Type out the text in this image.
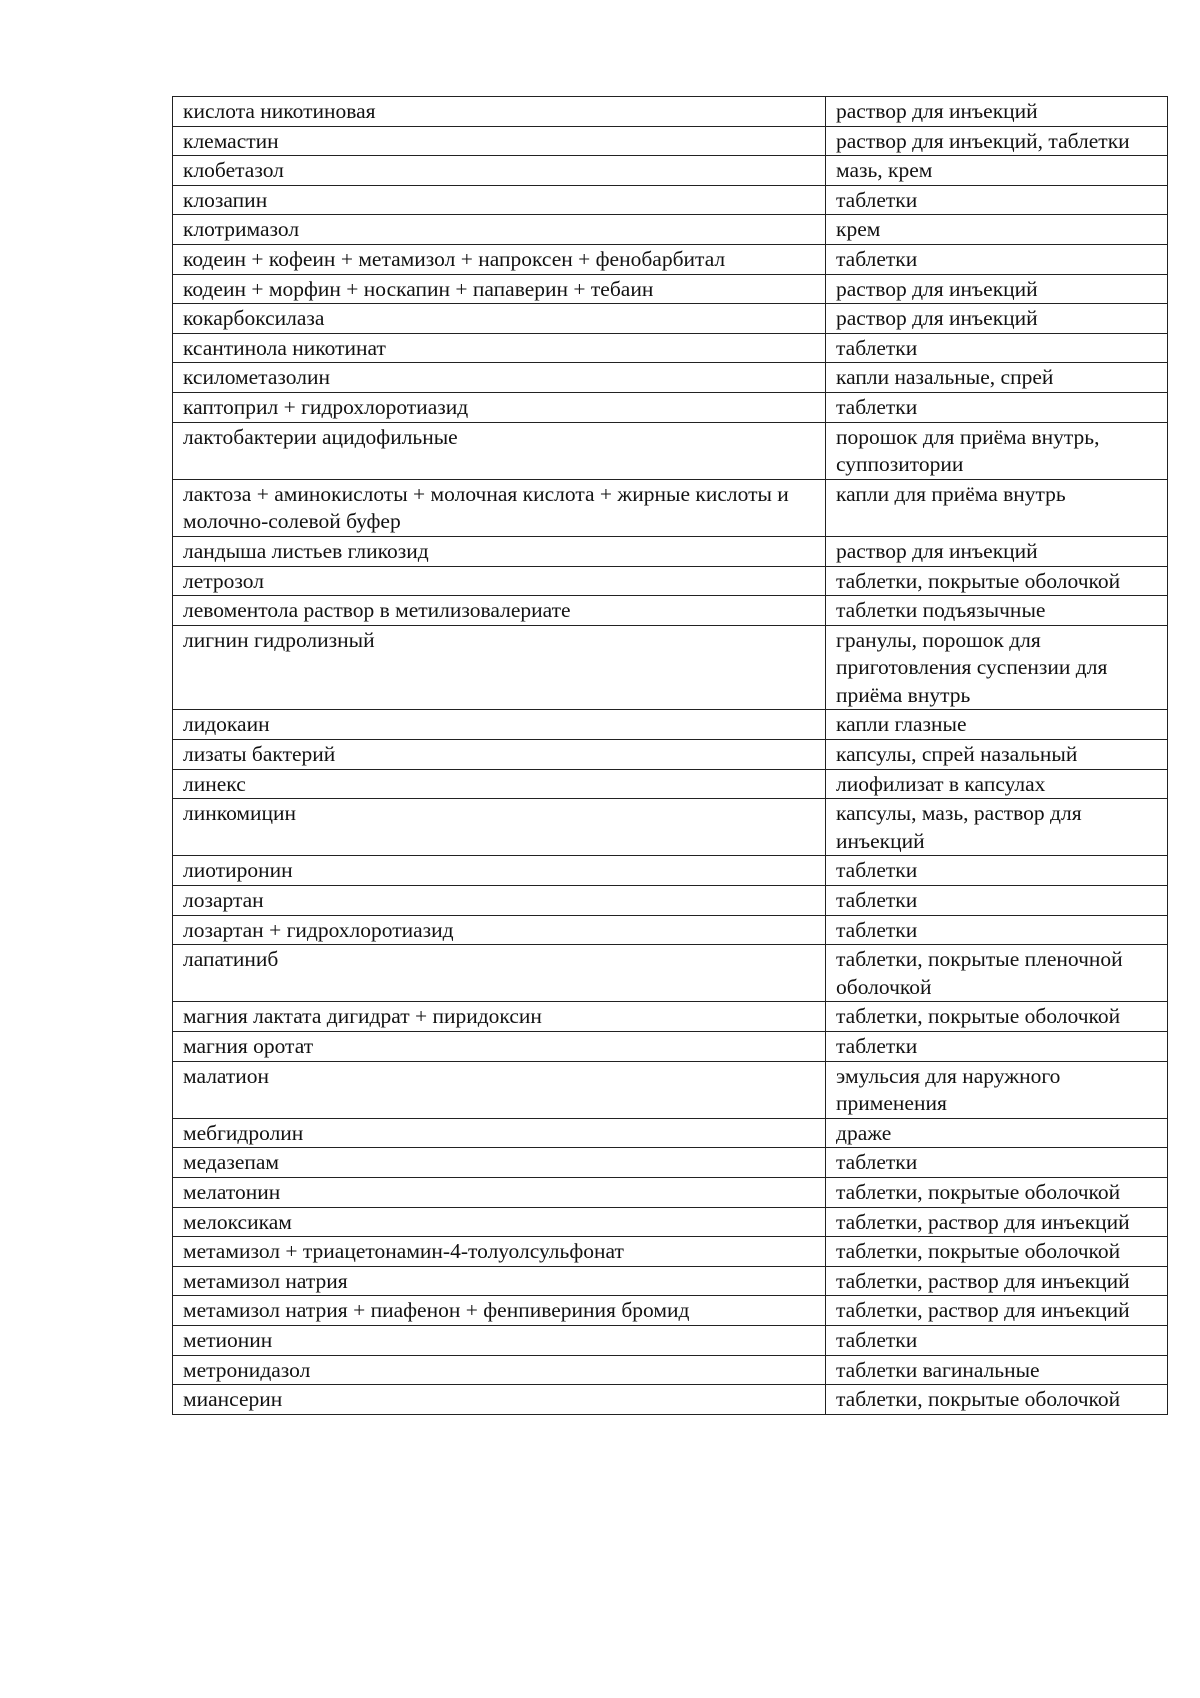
кислота никотиновая	раствор для инъекций
клемастин	раствор для инъекций, таблетки
клобетазол	мазь, крем
клозапин	таблетки
клотримазол	крем
кодеин + кофеин + метамизол + напроксен + фенобарбитал	таблетки
кодеин + морфин + носкапин + папаверин + тебаин	раствор для инъекций
кокарбоксилаза	раствор для инъекций
ксантинола никотинат	таблетки
ксилометазолин	капли назальные, спрей
каптоприл + гидрохлоротиазид	таблетки
лактобактерии ацидофильные	порошок для приёма внутрь, суппозитории
лактоза + аминокислоты + молочная кислота + жирные кислоты и молочно-солевой буфер	капли для приёма внутрь
ландыша листьев гликозид	раствор для инъекций
летрозол	таблетки, покрытые оболочкой
левоментола раствор в метилизовалериате	таблетки подъязычные
лигнин гидролизный	гранулы, порошок для приготовления суспензии для приёма внутрь
лидокаин	капли глазные
лизаты бактерий	капсулы, спрей назальный
линекс	лиофилизат в капсулах
линкомицин	капсулы, мазь, раствор для инъекций
лиотиронин	таблетки
лозартан	таблетки
лозартан + гидрохлоротиазид	таблетки
лапатиниб	таблетки, покрытые пленочной оболочкой
магния лактата дигидрат + пиридоксин	таблетки, покрытые оболочкой
магния оротат	таблетки
малатион	эмульсия для наружного применения
мебгидролин	драже
медазепам	таблетки
мелатонин	таблетки, покрытые оболочкой
мелоксикам	таблетки, раствор для инъекций
метамизол + триацетонамин-4-толуолсульфонат	таблетки, покрытые оболочкой
метамизол натрия	таблетки, раствор для инъекций
метамизол натрия + пиафенон + фенпивериния бромид	таблетки, раствор для инъекций
метионин	таблетки
метронидазол	таблетки вагинальные
миансерин	таблетки, покрытые оболочкой
